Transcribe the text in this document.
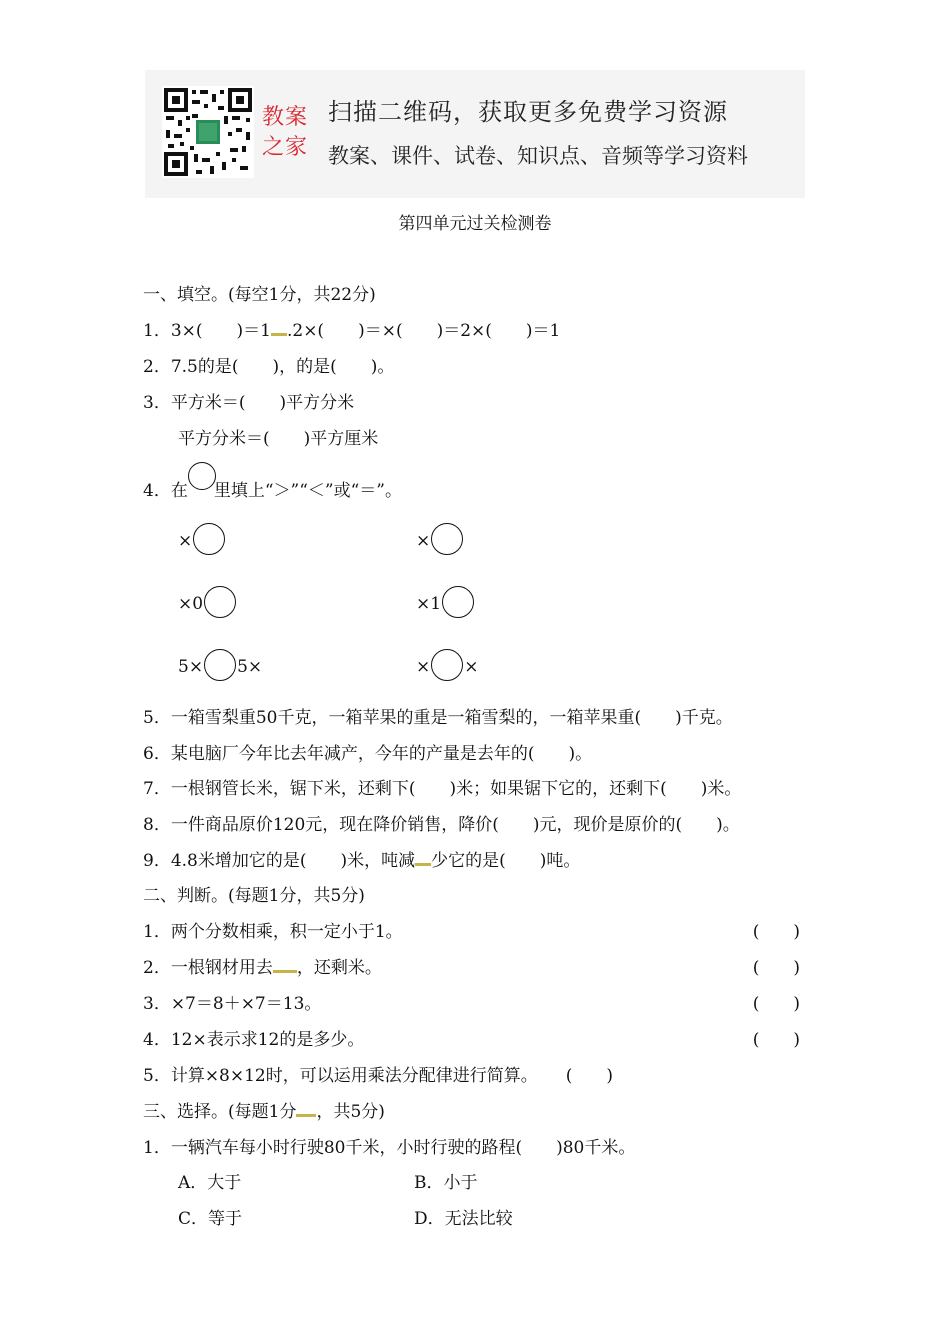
教案之家
扫描二维码，获取更多免费学习资源
教案、课件、试卷、知识点、音频等学习资料
第四单元过关检测卷
一、填空。(每空1分，共22分)
1．3×(　　)＝1 .2×(　　)＝×(　　)＝2×(　　)＝1
2．7.5的是(　　)，的是(　　)。
3．平方米＝(　　)平方分米
平方分米＝(　　)平方厘米
4．在 里填上“＞”“＜”或“＝”。
×	×
×0	×1
5× 5×	× ×
5．一箱雪梨重50千克，一箱苹果的重是一箱雪梨的，一箱苹果重(　　)千克。
6．某电脑厂今年比去年减产，今年的产量是去年的(　　)。
7．一根钢管长米，锯下米，还剩下(　　)米；如果锯下它的，还剩下(　　)米。
8．一件商品原价120元，现在降价销售，降价(　　)元，现价是原价的(　　)。
9．4.8米增加它的是(　　)米，吨减 少它的是(　　)吨。
二、判断。(每题1分，共5分)
1．两个分数相乘，积一定小于1。	(　　)
2．一根钢材用去 ，还剩米。	(　　)
3．×7＝8＋×7＝13。	(　　)
4．12×表示求12的是多少。	(　　)
5．计算×8×12时，可以运用乘法分配律进行简算。 (　　)
三、选择。(每题1分 ，共5分)
1．一辆汽车每小时行驶80千米，小时行驶的路程(　　)80千米。
A．大于	B．小于
C．等于	D．无法比较
